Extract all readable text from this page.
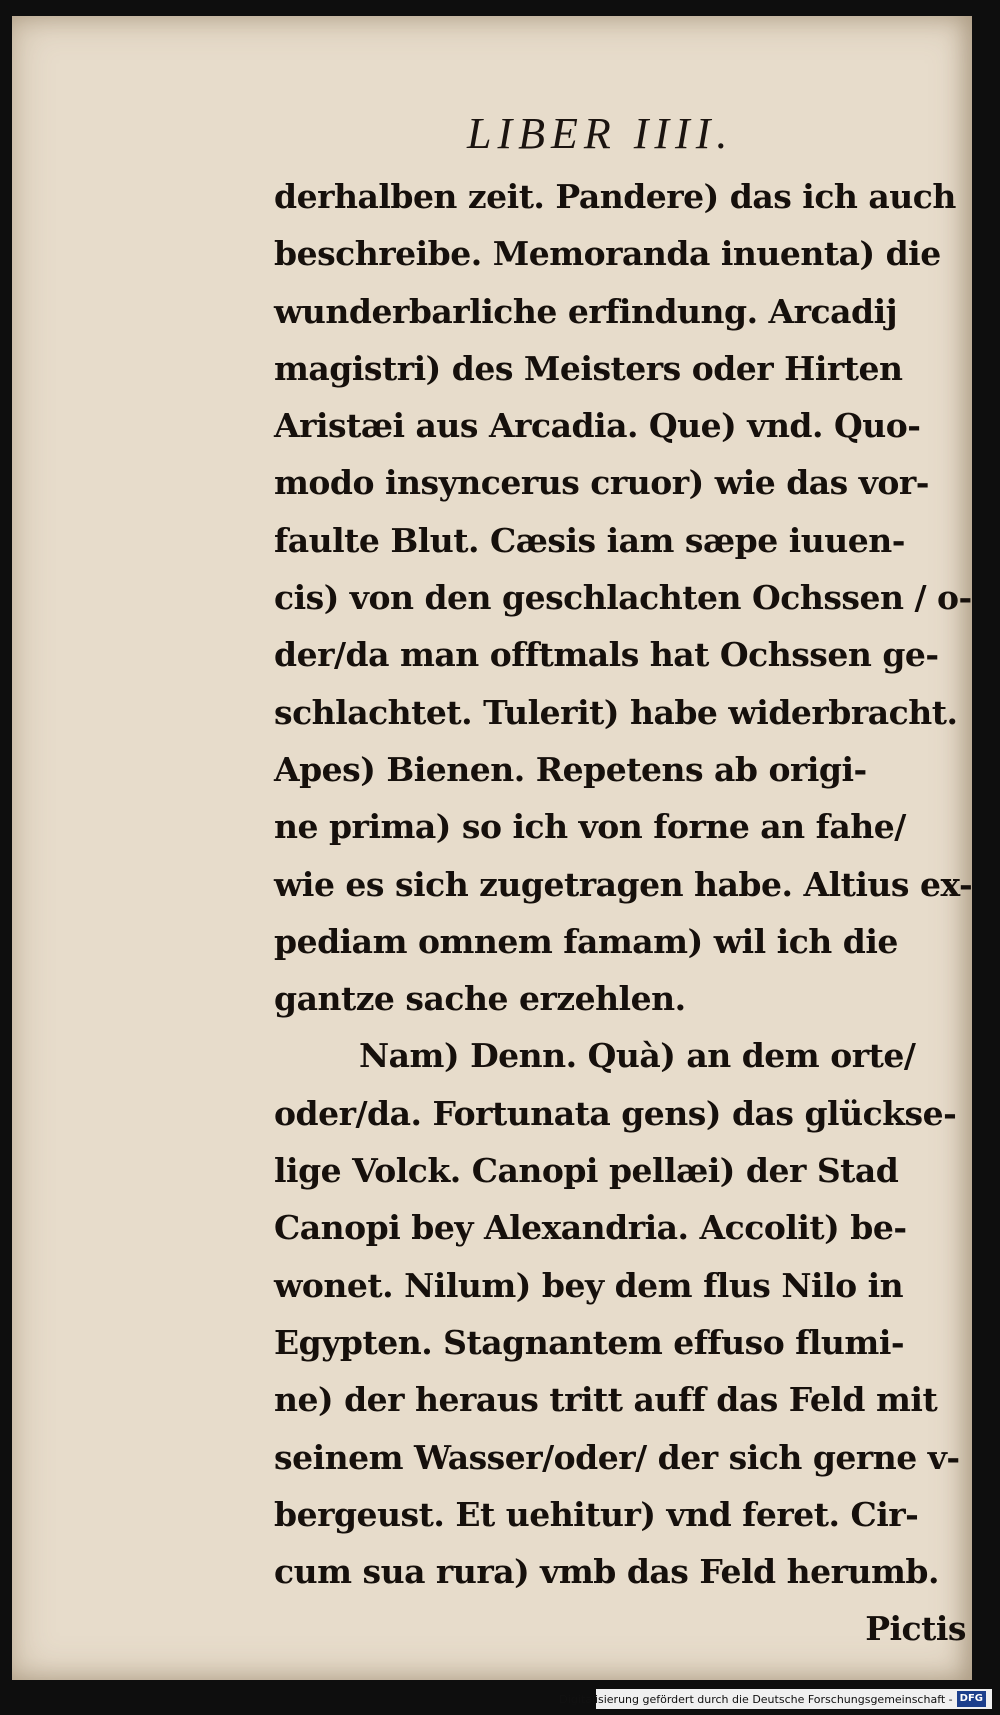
LIBER IIII.
derhalben zeit. Pandere) das ich auch
beschreibe. Memoranda inuenta) die
wunderbarliche erfindung. Arcadij
magistri) des Meisters oder Hirten
Aristæi aus Arcadia. Que) vnd. Quo-
modo insyncerus cruor) wie das vor-
faulte Blut. Cæsis iam sæpe iuuen-
cis) von den geschlachten Ochssen / o-
der/da man offtmals hat Ochssen ge-
schlachtet. Tulerit) habe widerbracht.
Apes) Bienen. Repetens ab origi-
ne prima) so ich von forne an fahe/
wie es sich zugetragen habe. Altius ex-
pediam omnem famam) wil ich die
gantze sache erzehlen.
Nam) Denn. Quà) an dem orte/
oder/da. Fortunata gens) das glückse-
lige Volck. Canopi pellæi) der Stad
Canopi bey Alexandria. Accolit) be-
wonet. Nilum) bey dem flus Nilo in
Egypten. Stagnantem effuso flumi-
ne) der heraus tritt auff das Feld mit
seinem Wasser/oder/ der sich gerne v-
bergeust. Et uehitur) vnd feret. Cir-
cum sua rura) vmb das Feld herumb.
Pictis
Digitalisierung gefördert durch die Deutsche Forschungsgemeinschaft - DFG
